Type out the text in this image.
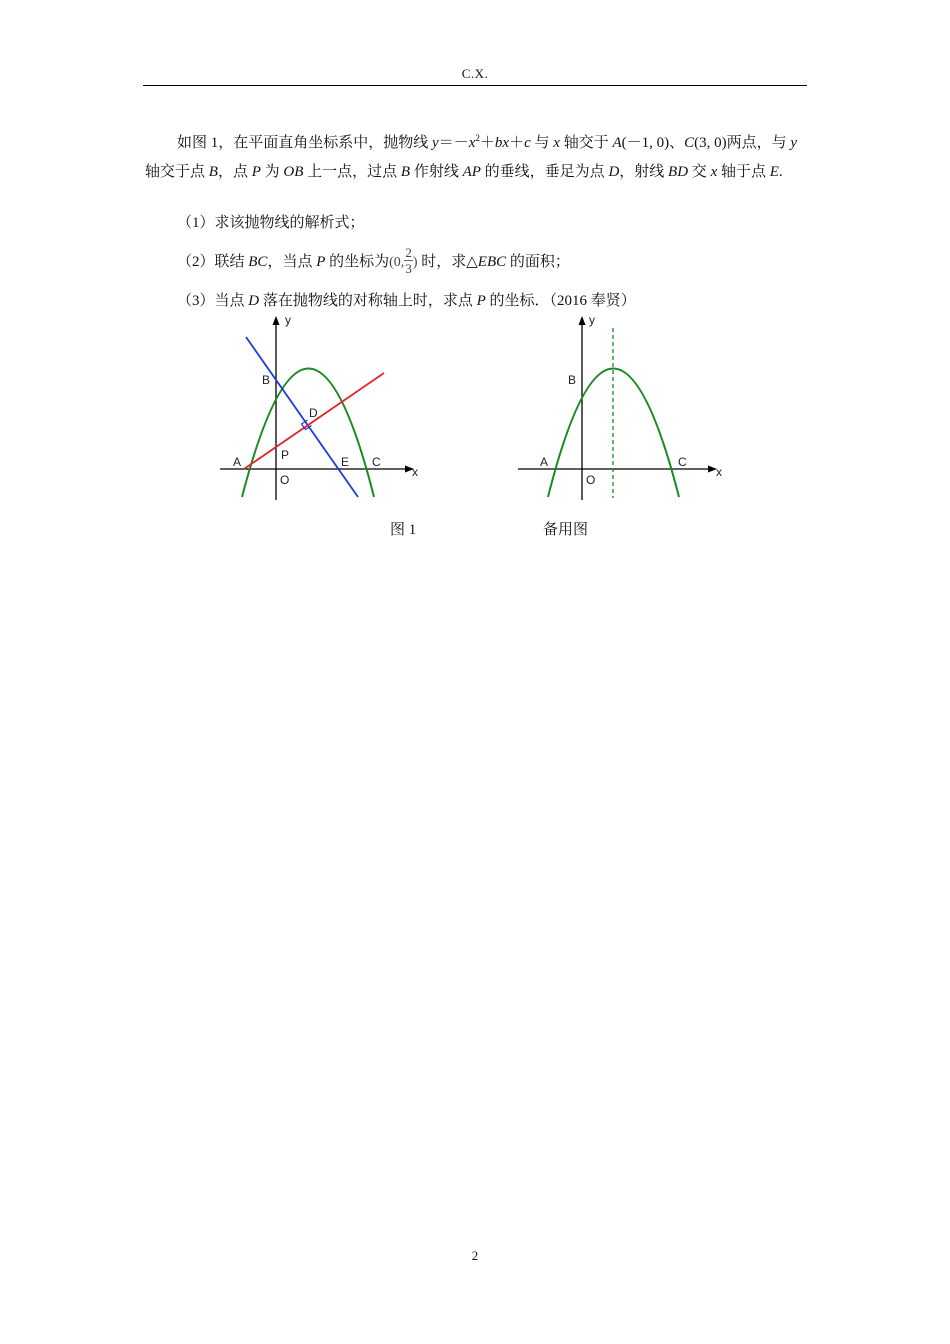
C.X.
如图 1，在平面直角坐标系中，抛物线 $y=-x^2+bx+c$ 与 x 轴交于 A(－1, 0)、C(3, 0)两点，与 y 轴交于点 B，点 P 为 OB 上一点，过点 B 作射线 AP 的垂线，垂足为点 D，射线 BD 交 x 轴于点 E.
（1）求该抛物线的解析式；
（2）联结 BC，当点 P 的坐标为(0, $\frac{2}{3}$ ) 时，求△EBC 的面积；
（3）当点 D 落在抛物线的对称轴上时，求点 P 的坐标．（2016 奉贤）
y
x
A
B
C
D
E
O
P
y
x
A
B
C
O
图 1	备用图
2
